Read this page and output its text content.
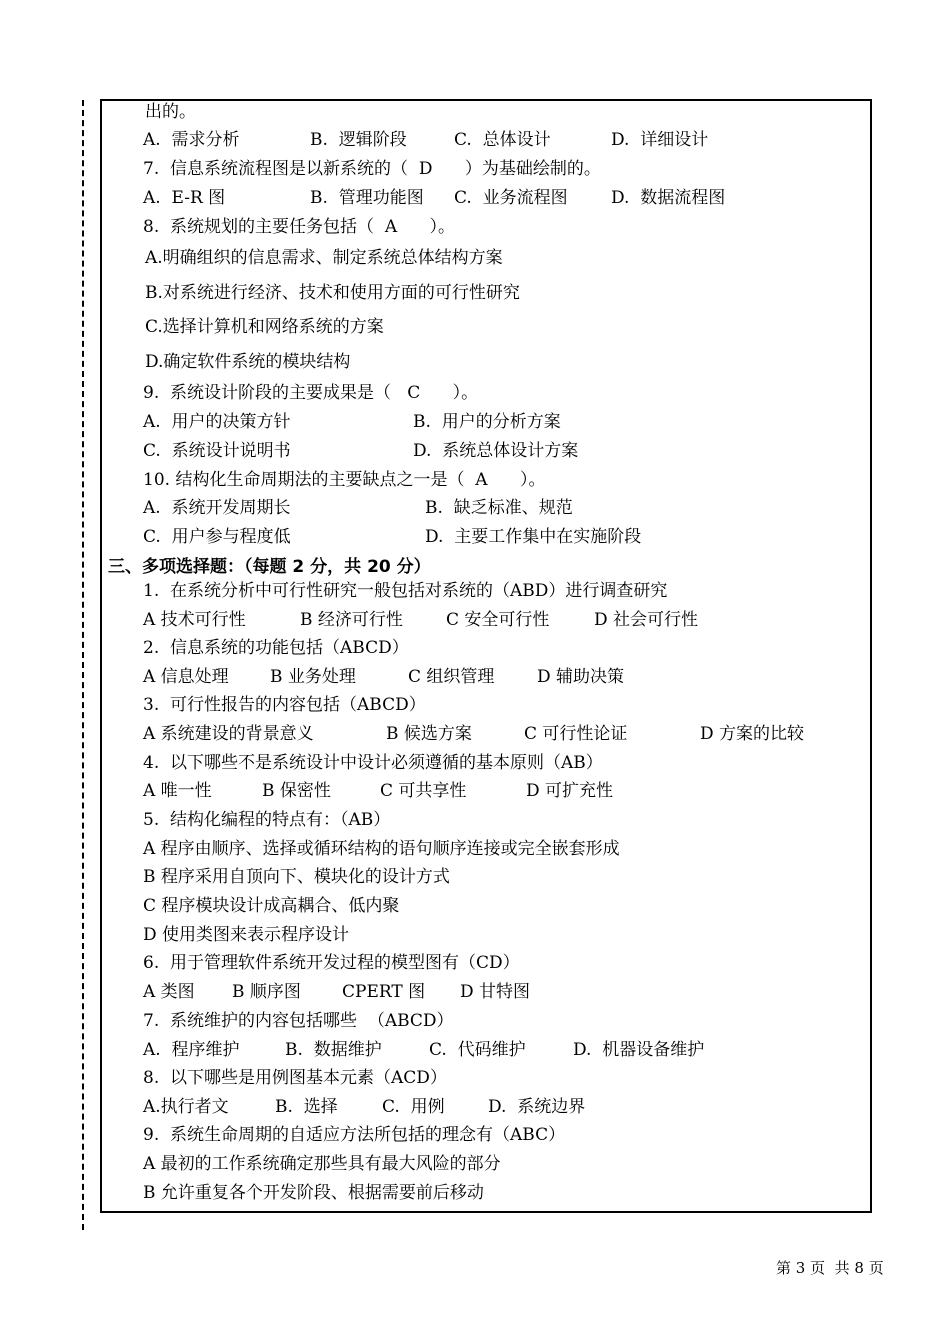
出的。
A.  需求分析	B.  逻辑阶段	C.  总体设计	D.  详细设计
7.  信息系统流程图是以新系统的（  D      ）为基础绘制的。
A.  E-R 图	B.  管理功能图 C.  业务流程图	D.  数据流程图
8.  系统规划的主要任务包括（  A      ）。
A.明确组织的信息需求、制定系统总体结构方案
B.对系统进行经济、技术和使用方面的可行性研究
C.选择计算机和网络系统的方案
D.确定软件系统的模块结构
9.  系统设计阶段的主要成果是（   C      ）。
A.  用户的决策方针	B.  用户的分析方案
C.  系统设计说明书	D.  系统总体设计方案
10. 结构化生命周期法的主要缺点之一是（  A      ）。
A.  系统开发周期长	B.  缺乏标准、规范
C.  用户参与程度低	D.  主要工作集中在实施阶段
三、多项选择题：（每题 2 分，共 20 分）
1.  在系统分析中可行性研究一般包括对系统的（ABD）进行调查研究
A 技术可行性	B 经济可行性	C 安全可行性	D 社会可行性
2.  信息系统的功能包括（ABCD）
A 信息处理 B 业务处理	C 组织管理	D 辅助决策
3.  可行性报告的内容包括（ABCD）
A 系统建设的背景意义	B 候选方案	C 可行性论证	D 方案的比较
4.  以下哪些不是系统设计中设计必须遵循的基本原则（AB）
A 唯一性	B 保密性	C 可共享性	D 可扩充性
5.  结构化编程的特点有：（AB）
A 程序由顺序、选择或循环结构的语句顺序连接或完全嵌套形成
B 程序采用自顶向下、模块化的设计方式
C 程序模块设计成高耦合、低内聚
D 使用类图来表示程序设计
6.  用于管理软件系统开发过程的模型图有（CD）
A 类图 B 顺序图 CPERT 图 D 甘特图
7.  系统维护的内容包括哪些  （ABCD）
A.  程序维护	B.  数据维护	C.  代码维护	D.  机器设备维护
8.  以下哪些是用例图基本元素（ACD）
A.执行者文	B.  选择	C.  用例	D.  系统边界
9.  系统生命周期的自适应方法所包括的理念有（ABC）
A 最初的工作系统确定那些具有最大风险的部分
B 允许重复各个开发阶段、根据需要前后移动
第 3 页  共 8 页
